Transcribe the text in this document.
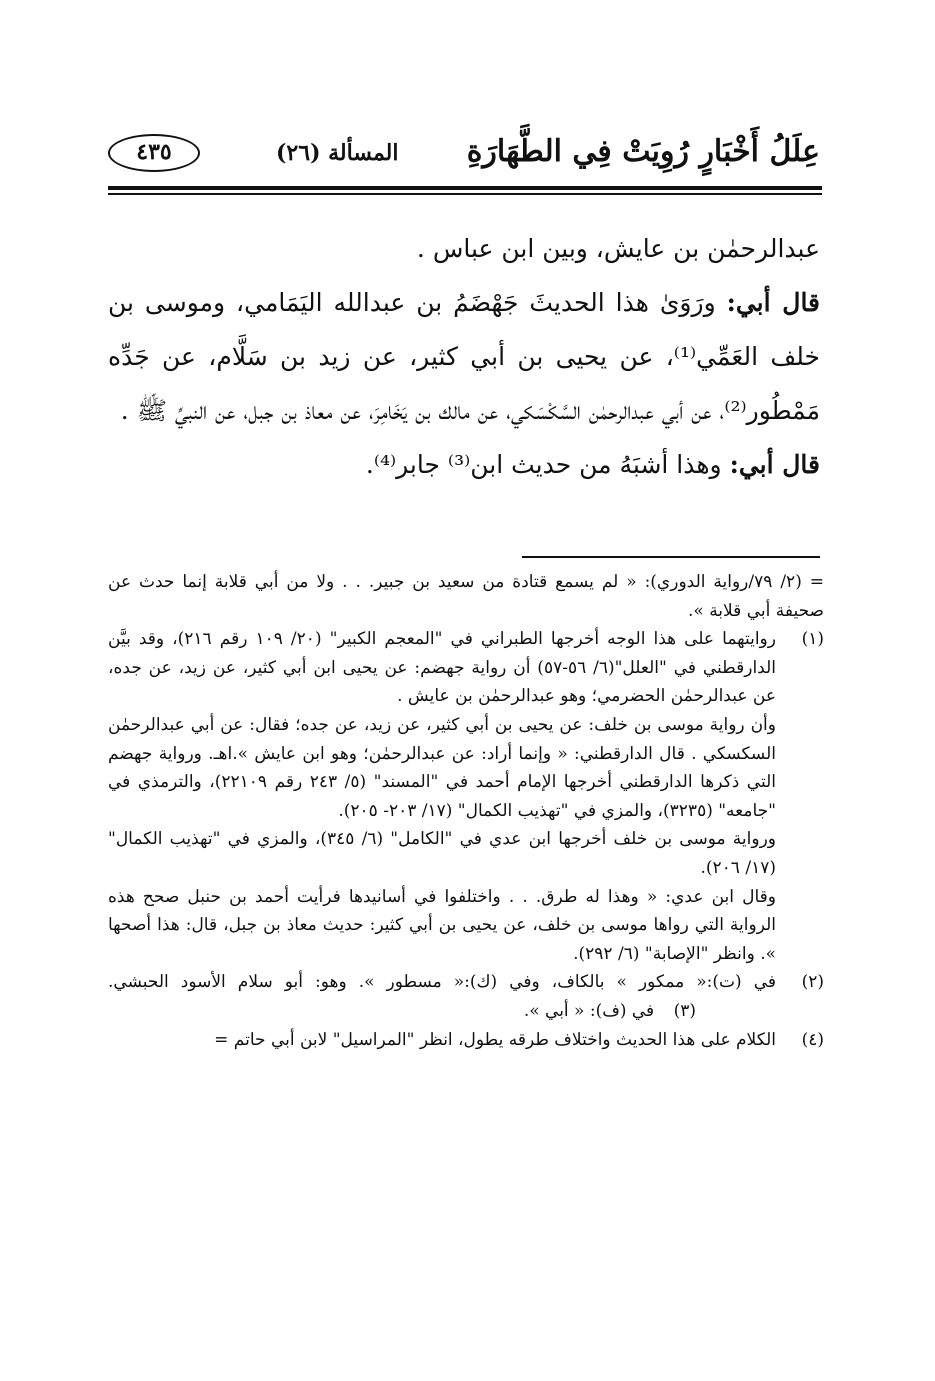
عِلَلُ أَخْبَارٍ رُوِيَتْ فِي الطَّهَارَةِ
المسألة (٢٦)
٤٣٥

عبدالرحمٰن بن عايش، وبين ابن عباس .

قال أبي: ورَوَىٰ هذا الحديثَ جَهْضَمُ بن عبدالله اليَمَامي، وموسى بن خلف العَمِّي⁽¹⁾، عن يحيى بن أبي كثير، عن زيد بن سَلَّام، عن جَدِّه مَمْطُور⁽²⁾، عن أبي عبدالرحمٰن السَّكْسَكي، عن مالك بن يَخَامِرَ، عن معاذ بن جبل، عن النبيِّ ﷺ .

قال أبي: وهذا أشبَهُ من حديث ابن⁽³⁾ جابر⁽⁴⁾.

= (٢/ ٧٩/رواية الدوري): « لم يسمع قتادة من سعيد بن جبير. . . ولا من أبي قلابة إنما حدث عن صحيفة أبي قلابة ».
(١)
روايتهما على هذا الوجه أخرجها الطبراني في "المعجم الكبير" (٢٠/ ١٠٩ رقم ٢١٦)، وقد بيَّن الدارقطني في "العلل"(٦/ ٥٦-٥٧) أن رواية جهضم: عن يحيى ابن أبي كثير، عن زيد، عن جده، عن عبدالرحمٰن الحضرمي؛ وهو عبدالرحمٰن بن عايش .
وأن رواية موسى بن خلف: عن يحيى بن أبي كثير، عن زيد، عن جده؛ فقال: عن أبي عبدالرحمٰن السكسكي . قال الدارقطني: « وإنما أراد: عن عبدالرحمٰن؛ وهو ابن عايش ».اهـ. ورواية جهضم التي ذكرها الدارقطني أخرجها الإمام أحمد في "المسند" (٥/ ٢٤٣ رقم ٢٢١٠٩)، والترمذي في "جامعه" (٣٢٣٥)، والمزي في "تهذيب الكمال" (١٧/ ٢٠٣- ٢٠٥).
ورواية موسى بن خلف أخرجها ابن عدي في "الكامل" (٦/ ٣٤٥)، والمزي في "تهذيب الكمال" (١٧/ ٢٠٦).
وقال ابن عدي: « وهذا له طرق. . . واختلفوا في أسانيدها فرأيت أحمد بن حنبل صحح هذه الرواية التي رواها موسى بن خلف، عن يحيى بن أبي كثير: حديث معاذ بن جبل، قال: هذا أصحها ». وانظر "الإصابة" (٦/ ٢٩٢).
(٢)
في (ت):« ممكور » بالكاف، وفي (ك):« مسطور ». وهو: أبو سلام الأسود الحبشي. (٣) في (ف): « أبي ».
(٤)
الكلام على هذا الحديث واختلاف طرقه يطول، انظر "المراسيل" لابن أبي حاتم =
